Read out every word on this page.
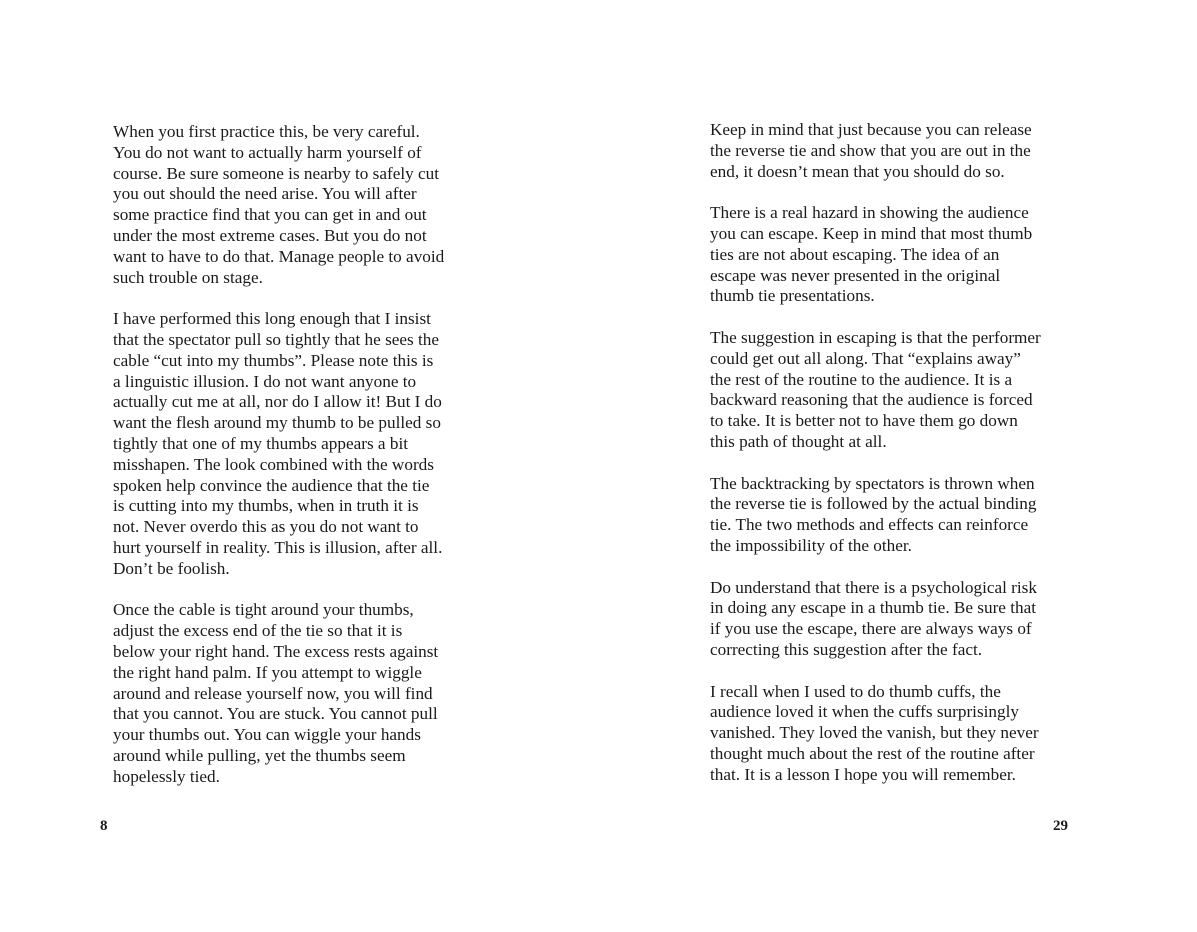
When you first practice this, be very careful.
You do not want to actually harm yourself of
course. Be sure someone is nearby to safely cut
you out should the need arise. You will after
some practice find that you can get in and out
under the most extreme cases. But you do not
want to have to do that. Manage people to avoid
such trouble on stage.

I have performed this long enough that I insist
that the spectator pull so tightly that he sees the
cable “cut into my thumbs”. Please note this is
a linguistic illusion. I do not want anyone to
actually cut me at all, nor do I allow it! But I do
want the flesh around my thumb to be pulled so
tightly that one of my thumbs appears a bit
misshapen. The look combined with the words
spoken help convince the audience that the tie
is cutting into my thumbs, when in truth it is
not. Never overdo this as you do not want to
hurt yourself in reality. This is illusion, after all.
Don’t be foolish.

Once the cable is tight around your thumbs,
adjust the excess end of the tie so that it is
below your right hand. The excess rests against
the right hand palm. If you attempt to wiggle
around and release yourself now, you will find
that you cannot. You are stuck. You cannot pull
your thumbs out. You can wiggle your hands
around while pulling, yet the thumbs seem
hopelessly tied.

8

Keep in mind that just because you can release
the reverse tie and show that you are out in the
end, it doesn’t mean that you should do so.

There is a real hazard in showing the audience
you can escape. Keep in mind that most thumb
ties are not about escaping. The idea of an
escape was never presented in the original
thumb tie presentations.

The suggestion in escaping is that the performer
could get out all along. That “explains away”
the rest of the routine to the audience. It is a
backward reasoning that the audience is forced
to take. It is better not to have them go down
this path of thought at all.

The backtracking by spectators is thrown when
the reverse tie is followed by the actual binding
tie. The two methods and effects can reinforce
the impossibility of the other.

Do understand that there is a psychological risk
in doing any escape in a thumb tie. Be sure that
if you use the escape, there are always ways of
correcting this suggestion after the fact.

I recall when I used to do thumb cuffs, the
audience loved it when the cuffs surprisingly
vanished. They loved the vanish, but they never
thought much about the rest of the routine after
that. It is a lesson I hope you will remember.

29
